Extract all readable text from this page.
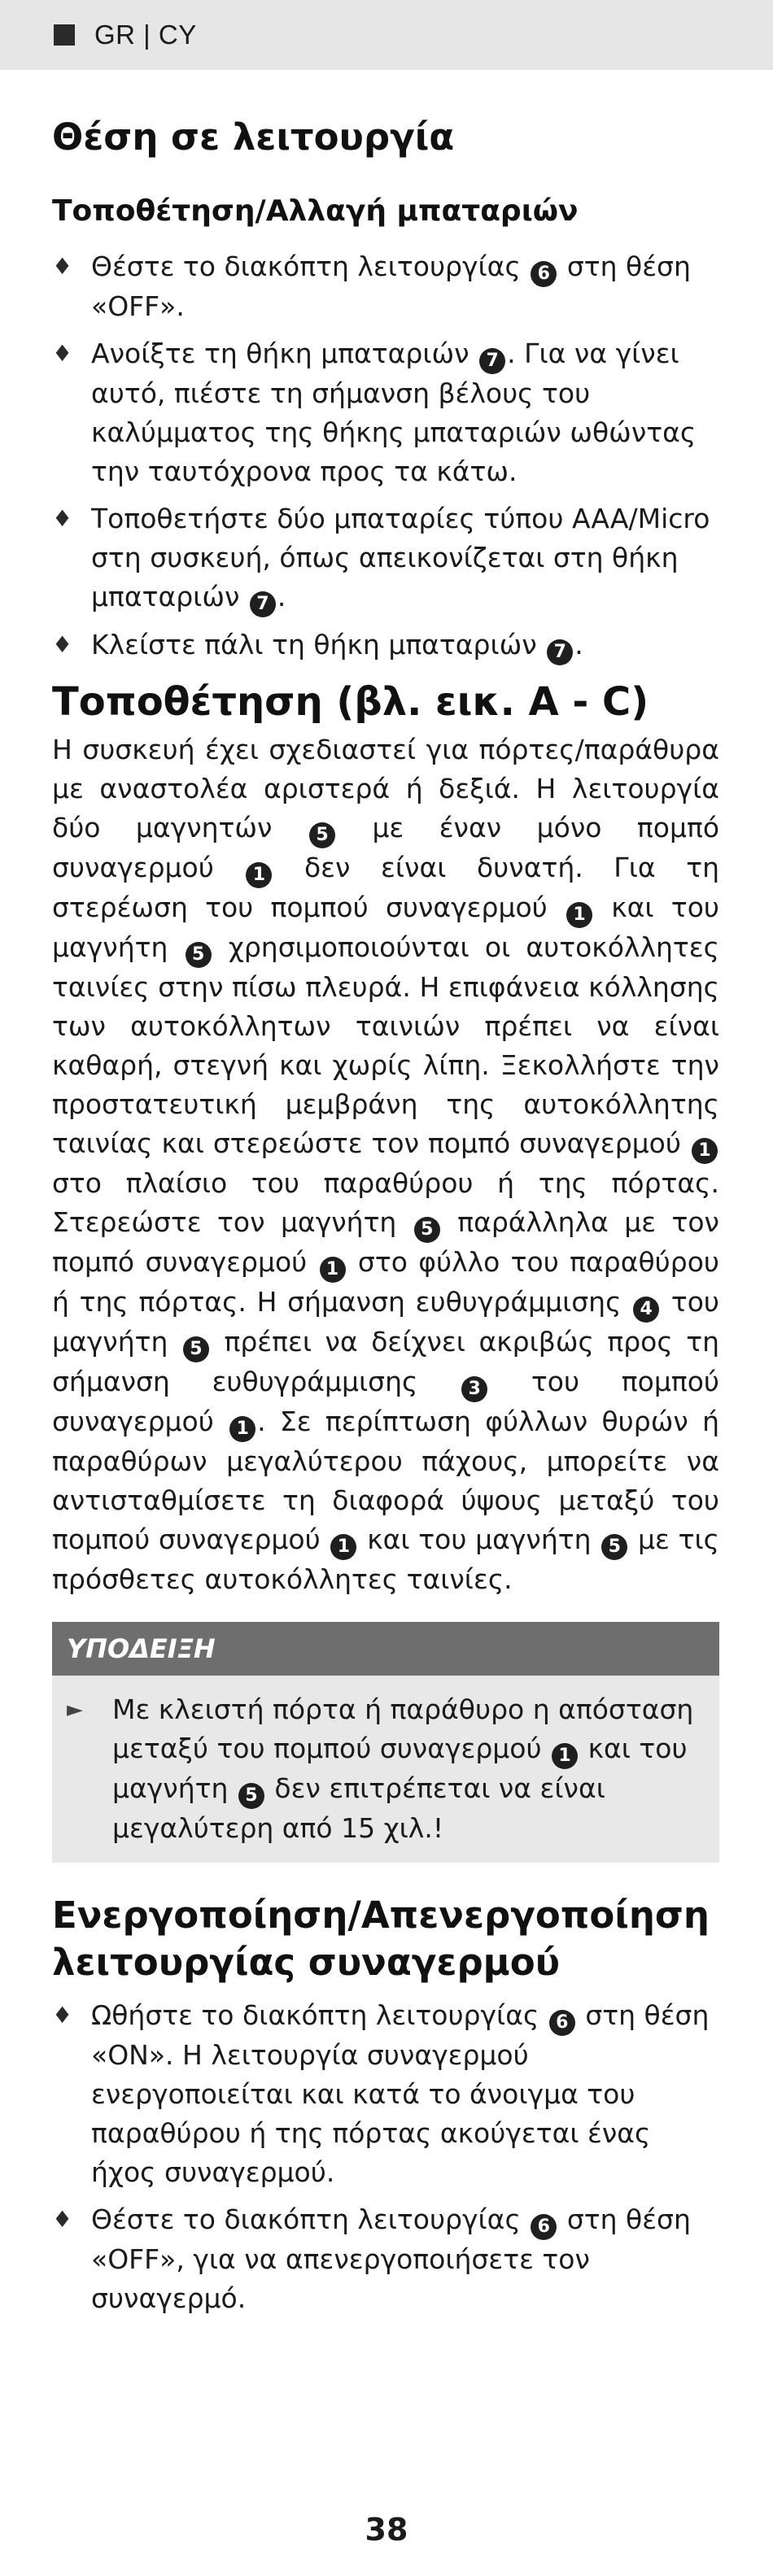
GR | CY
Θέση σε λειτουργία
Τοποθέτηση/Αλλαγή μπαταριών
♦ Θέστε το διακόπτη λειτουργίας 6 στη θέση «OFF».
♦ Ανοίξτε τη θήκη μπαταριών 7 . Για να γίνει αυτό, πιέστε τη σήμανση βέλους του καλύμματος της θήκης μπαταριών ωθώντας την ταυτόχρονα προς τα κάτω.
♦ Τοποθετήστε δύο μπαταρίες τύπου AAA/Micro στη συσκευή, όπως απεικονίζεται στη θήκη μπαταριών 7 .
♦ Κλείστε πάλι τη θήκη μπαταριών 7 .
Τοποθέτηση (βλ. εικ. A - C)

Η συσκευή έχει σχεδιαστεί για πόρτες/παράθυρα με αναστολέα αριστερά ή δεξιά. Η λειτουργία δύο μαγνητών 5 με έναν μόνο πομπό συναγερμού 1 δεν είναι δυνατή. Για τη στερέωση του πομπού συναγερμού 1 και του μαγνήτη 5 χρησιμοποιούνται οι αυτοκόλλητες ταινίες στην πίσω πλευρά. Η επιφάνεια κόλλησης των αυτοκόλλητων ταινιών πρέπει να είναι καθαρή, στεγνή και χωρίς λίπη. Ξεκολλήστε την προστατευτική μεμβράνη της αυτοκόλλητης ταινίας και στερεώστε τον πομπό συναγερμού 1 στο πλαίσιο του παραθύρου ή της πόρτας. Στερεώστε τον μαγνήτη 5 παράλληλα με τον πομπό συναγερμού 1 στο φύλλο του παραθύρου ή της πόρτας. Η σήμανση ευθυγράμμισης 4 του μαγνήτη 5 πρέπει να δείχνει ακριβώς προς τη σήμανση ευθυγράμμισης	3 του πομπού συναγερμού 1 . Σε περίπτωση φύλλων θυρών ή παραθύρων μεγαλύτερου πάχους, μπορείτε να αντισταθμίσετε τη διαφορά ύψους μεταξύ του πομπού συναγερμού 1 και του μαγνήτη 5 με τις πρόσθετες αυτοκόλλητες ταινίες.

ΥΠΟΔΕΙΞΗ
► Με κλειστή πόρτα ή παράθυρο η απόσταση μεταξύ του πομπού συναγερμού 1 και του μαγνήτη 5 δεν επιτρέπεται να είναι μεγαλύτερη από 15 χιλ.!
Ενεργοποίηση/Απενεργοποίηση λειτουργίας συναγερμού
♦ Ωθήστε το διακόπτη λειτουργίας 6 στη θέση «ON». Η λειτουργία συναγερμού ενεργοποιείται και κατά το άνοιγμα του παραθύρου ή της πόρτας ακούγεται ένας ήχος συναγερμού.
♦ Θέστε το διακόπτη λειτουργίας 6 στη θέση «OFF», για να απενεργοποιήσετε τον συναγερμό.
38
